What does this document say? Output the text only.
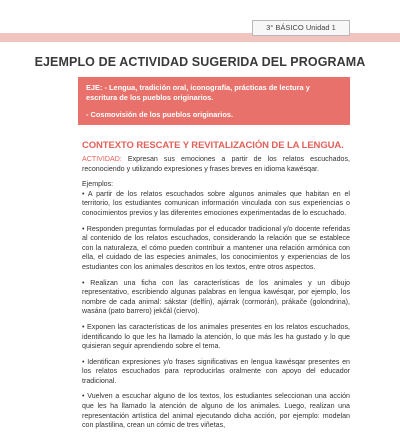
3° BÁSICO Unidad 1
EJEMPLO DE ACTIVIDAD SUGERIDA DEL PROGRAMA

EJE: - Lengua, tradición oral, iconografía, prácticas de lectura y escritura de los pueblos originarios.

- Cosmovisión de los pueblos originarios.

CONTEXTO RESCATE Y REVITALIZACIÓN DE LA LENGUA.

ACTIVIDAD: Expresan sus emociones a partir de los relatos escuchados, reconociendo y utilizando expresiones y frases breves en idioma kawésqar.

Ejemplos:

• A partir de los relatos escuchados sobre algunos animales que habitan en el territorio, los estudiantes comunican información vinculada con sus experiencias o conocimientos previos y las diferentes emociones experimentadas de lo escuchado.

• Responden preguntas formuladas por el educador tradicional y/o docente referidas al contenido de los relatos escuchados, considerando la relación que se establece con la naturaleza, el cómo pueden contribuir a mantener una relación armónica con ella, el cuidado de las especies animales, los conocimientos y experiencias de los estudiantes con los animales descritos en los textos, entre otros aspectos.

• Realizan una ficha con las características de los animales y un dibujo representativo, escribiendo algunas palabras en lengua kawésqar, por ejemplo, los nombre de cada animal: sákstar (delfín), ajárrak (cormorán), prákače (golondrina), wasána (pato barrero) jekčál (ciervo).

• Exponen las características de los animales presentes en los relatos escuchados, identificando lo que les ha llamado la atención, lo que más les ha gustado y lo que quisieran seguir aprendiendo sobre el tema.

• Identifican expresiones y/o frases significativas en lengua kawésqar presentes en los relatos escuchados para reproducirlas oralmente con apoyo del educador tradicional.

• Vuelven a escuchar alguno de los textos, los estudiantes seleccionan una acción que les ha llamado la atención de alguno de los animales. Luego, realizan una representación artística del animal ejecutando dicha acción, por ejemplo: modelan con plastilina, crean un cómic de tres viñetas,
